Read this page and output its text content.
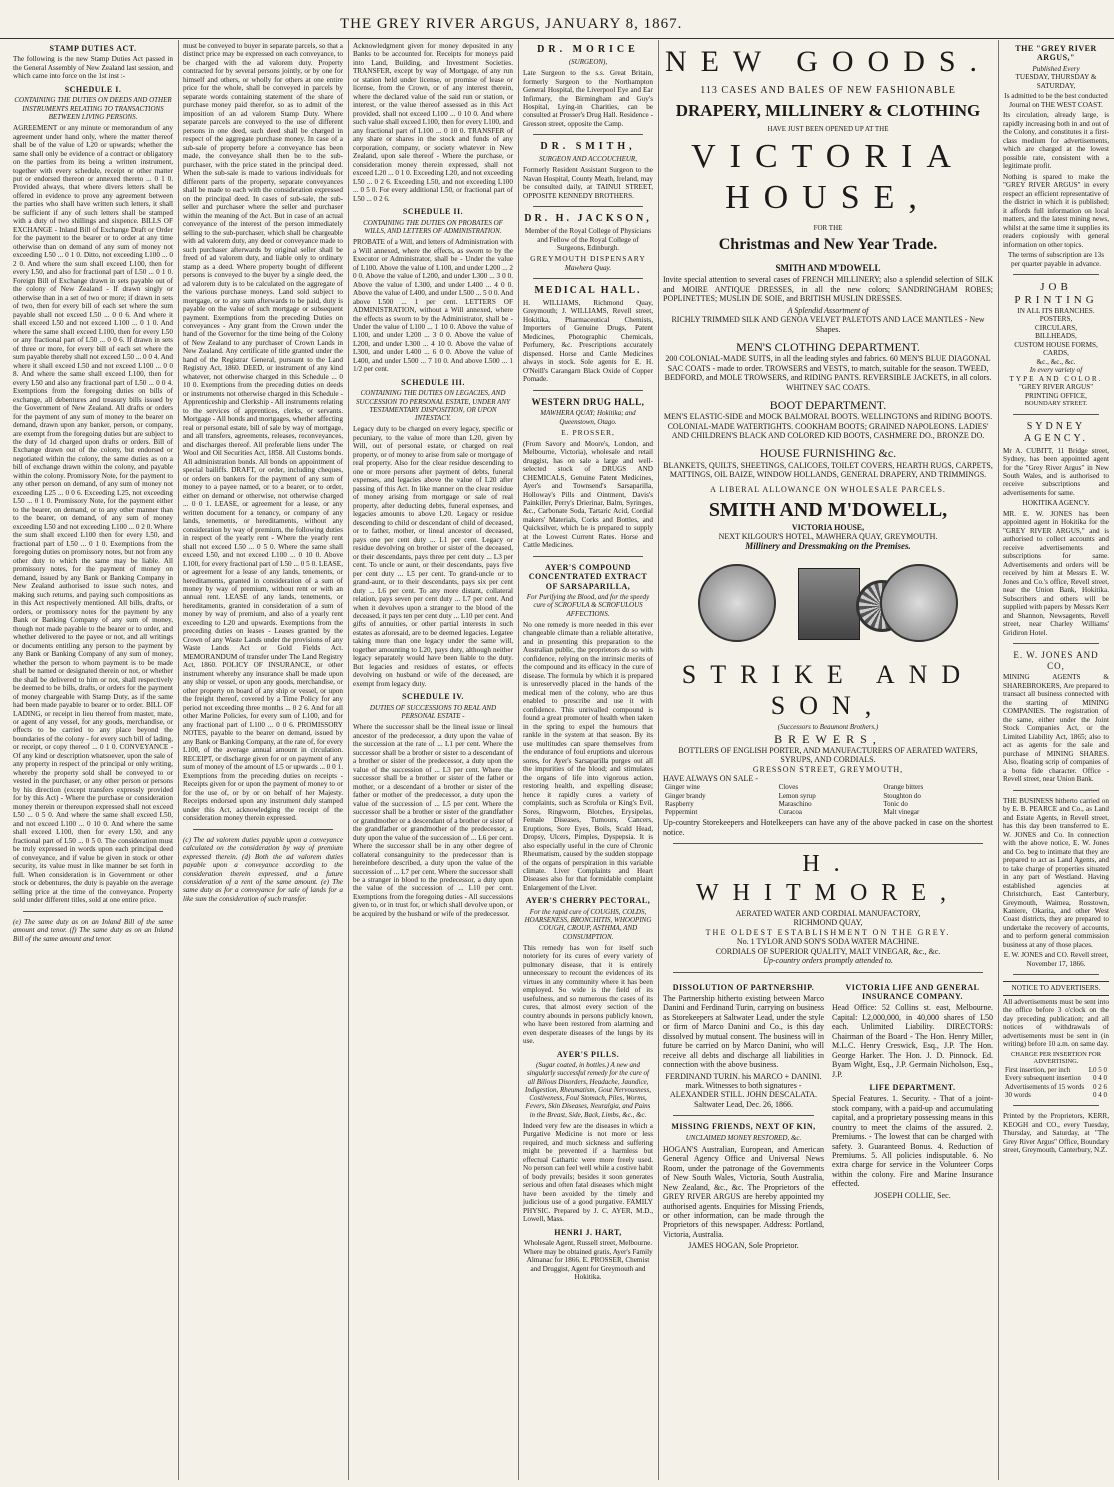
THE GREY RIVER ARGUS, JANUARY 8, 1867.
STAMP DUTIES ACT.
The following is the new Stamp Duties Act passed in the General Assembly of New Zealand last session, and which came into force on the 1st inst :-
SCHEDULE I.
CONTAINING THE DUTIES ON DEEDS AND OTHER INSTRUMENTS RELATING TO TRANSACTIONS BETWEEN LIVING PERSONS.
AGREEMENT or any minute or memorandum of any agreement under hand only, where the matter thereof shall be of the value of L20 or upwards; whether the same shall only be evidence of a contract or obligatory on the parties from its being a written instrument, together with every schedule, receipt or other matter put or endorsed thereon or annexed thereto ... 0 1 0. Provided always, that where divers letters shall be offered in evidence to prove any agreement between the parties who shall have written such letters, it shall be sufficient if any of such letters shall be stamped with a duty of two shillings and sixpence. BILLS OF EXCHANGE - Inland Bill of Exchange Draft or Order for the payment to the bearer or to order at any time otherwise than on demand of any sum of money not exceeding L50 ... 0 1 0. Ditto, not exceeding L100 ... 0 2 0. And where the sum shall exceed L100, then for every L50, and also for fractional part of L50 ... 0 1 0. Foreign Bill of Exchange drawn in sets payable out of the colony of New Zealand - If drawn singly or otherwise than in a set of two or more; if drawn in sets of two, then for every bill of each set where the sum payable shall not exceed L50 ... 0 0 6. And where it shall exceed L50 and not exceed L100 ... 0 1 0. And where the same shall exceed L100, then for every L50 or any fractional part of L50 ... 0 0 6. If drawn in sets of three or more, for every bill of each set where the sum payable thereby shall not exceed L50 ... 0 0 4. And where it shall exceed L50 and not exceed L100 ... 0 0 8. And where the same shall exceed L100, then for every L50 and also any fractional part of L50 ... 0 0 4. Exemptions from the foregoing duties on bills of exchange, all debentures and treasury bills issued by the Government of New Zealand. All drafts or orders for the payment of any sum of money to the bearer on demand, drawn upon any banker, person, or company, are exempt from the foregoing duties but are subject to the duty of 1d charged upon drafts or orders. Bill of Exchange drawn out of the colony, but endorsed or negotiated within the colony, the same duties as on a bill of exchange drawn within the colony, and payable within the colony. Promissory Note, for the payment to any other person on demand, of any sum of money not exceeding L25 ... 0 0 6. Exceeding L25, not exceeding L50 ... 0 1 0. Promissory Note, for the payment either to the bearer, on demand, or to any other manner than to the bearer, on demand, of any sum of money exceeding L50 and not exceeding L100 ... 0 2 0. Where the sum shall exceed L100 then for every L50, and fractional part of L50 ... 0 1 0. Exemptions from the foregoing duties on promissory notes, but not from any other duty to which the same may be liable. All promissory notes, for the payment of money on demand, issued by any Bank or Banking Company in New Zealand authorised to issue such notes, and making such returns, and paying such compositions as in this Act respectively mentioned. All bills, drafts, or orders, or promissory notes for the payment by any Bank or Banking Company of any sum of money, though not made payable to the bearer or to order, and whether delivered to the payee or not, and all writings or documents entitling any person to the payment by any Bank or Banking Company of any sum of money, whether the person to whom payment is to be made shall be named or designated therein or not, or whether the shall be delivered to him or not, shall respectively be deemed to be bills, drafts, or orders for the payment of money chargeable with Stamp Duty, as if the same had been made payable to bearer or to order. BILL OF LADING, or receipt in lieu thereof from master, mate, or agent of any vessel, for any goods, merchandise, or effects to be carried to any place beyond the boundaries of the colony - for every such bill of lading, or receipt, or copy thereof ... 0 1 0. CONVEYANCE - Of any kind or description whatsoever, upon the sale of any property in respect of the principal or only writing, whereby the property sold shall be conveyed to or vested in the purchaser, or any other person or persons by his direction (except transfers expressly provided for by this Act) - Where the purchase or consideration money therein or thereupon expressed shall not exceed L50 ... 0 5 0. And where the same shall exceed L50, and not exceed L100 ... 0 10 0. And where the same shall exceed L100, then for every L50, and any fractional part of L50 ... 0 5 0. The consideration must be truly expressed in words upon each principal deed of conveyance, and if value be given in stock or other security, its value must in like manner be set forth in full. When consideration is in Government or other stock or debentures, the duty is payable on the average selling price at the time of the conveyance. Property sold under different titles, sold at one entire price.
(e) The same duty as on an Inland Bill of the same amount and tenor. (f) The same duty as on an Inland Bill of the same amount and tenor.
must be conveyed to buyer in separate parcels, so that a distinct price may be expressed on each conveyance, to be charged with the ad valorem duty. Property contracted for by several persons jointly, or by one for himself and others, or wholly for others at one entire price for the whole, shall be conveyed in parcels by separate words containing statement of the share of purchase money paid therefor, so as to admit of the imposition of an ad valorem Stamp Duty. Where separate parcels are conveyed to the use of different persons in one deed, such deed shall be charged in respect of the aggregate purchase money. In case of a sub-sale of property before a conveyance has been made, the conveyance shall then be to the sub-purchaser, with the price stated in the principal deed. When the sub-sale is made to various individuals for different parts of the property, separate conveyances shall be made to each with the consideration expressed on the principal deed. In cases of sub-sale, the sub-seller and purchaser where the seller and purchaser within the meaning of the Act. But in case of an actual conveyance of the interest of the person immediately selling to the sub-purchaser, which shall be chargeable with ad valorem duty, any deed or conveyance made to such purchaser afterwards by original seller shall be freed of ad valorem duty, and liable only to ordinary stamp as a deed. Where property bought of different persons is conveyed to the buyer by a single deed, the ad valorem duty is to be calculated on the aggregate of the various purchase moneys. Land sold subject to mortgage, or to any sum afterwards to be paid, duty is payable on the value of such mortgage or subsequent payment. Exemptions from the preceding Duties on conveyances - Any grant from the Crown under the hand of the Governor for the time being of the Colony of New Zealand to any purchaser of Crown Lands in New Zealand. Any certificate of title granted under the hand of the Registrar General, pursuant to the Land Registry Act, 1860. DEED, or instrument of any kind whatever, not otherwise charged in this Schedule ... 0 10 0. Exemptions from the preceding duties on deeds or instruments not otherwise charged in this Schedule - Apprenticeship and Clerkship - All instruments relating to the services of apprentices, clerks, or servants. Mortgage - All bonds and mortgages, whether affecting real or personal estate, bill of sale by way of mortgage, and all transfers, agreements, releases, reconveyances, and discharges thereof. All preferable liens under The Wool and Oil Securities Act, 1858. All Customs bonds. All administration bonds. All bonds on appointment of special bailiffs. DRAFT, or order, including cheques, or orders on bankers for the payment of any sum of money to a payee named, or to a bearer, or to order, either on demand or otherwise, not otherwise charged ... 0 0 1. LEASE, or agreement for a lease, or any written document for a tenancy, or company of any lands, tenements, or hereditaments, without any consideration by way of premium, the following duties in respect of the yearly rent - Where the yearly rent shall not exceed L50 ... 0 5 0. Where the same shall exceed L50, and not exceed L100 ... 0 10 0. Above L100, for every fractional part of L50 ... 0 5 0. LEASE, or agreement for a lease of any lands, tenements, or hereditaments, granted in consideration of a sum of money by way of premium, without rent or with an annual rent. LEASE of any lands, tenements, or hereditaments, granted in consideration of a sum of money by way of premium, and also of a yearly rent exceeding to L20 and upwards. Exemptions from the preceding duties on leases - Leases granted by the Crown of any Waste Lands under the provisions of any Waste Lands Act or Gold Fields Act. MEMORANDUM of transfer under The Land Registry Act, 1860. POLICY OF INSURANCE, or other instrument whereby any insurance shall be made upon any ship or vessel, or upon any goods, merchandise, or other property on board of any ship or vessel, or upon the freight thereof, covered by a Time Policy for any period not exceeding three months ... 0 2 6. And for all other Marine Policies, for every sum of L100, and for any fractional part of L100 ... 0 0 6. PROMISSORY NOTES, payable to the bearer on demand, issued by any Bank or Banking Company, at the rate of, for every L100, of the average annual amount in circulation. RECEIPT, or discharge given for or on payment of any sum of money of the amount of L5 or upwards ... 0 0 1. Exemptions from the preceding duties on receipts - Receipts given for or upon the payment of money to or for the use of, or by or on behalf of her Majesty. Receipts endorsed upon any instrument duly stamped under this Act, acknowledging the receipt of the consideration money therein expressed.
(c) The ad valorem duties payable upon a conveyance calculated on the consideration by way of premium expressed therein. (d) Both the ad valorem duties payable upon a conveyance according to the consideration therein expressed, and a future consideration of a rent of the same amount. (e) The same duty as for a conveyance for sale of lands for a like sum the consideration of such transfer.
Acknowledgment given for money deposited in any Banks to be accounted for. Receipts for moneys paid into Land, Building, and Investment Societies. TRANSFER, except by way of Mortgage, of any run or station held under license, or promise of lease or license, from the Crown, or of any interest therein, where the declared value of the said run or station, or interest, or the value thereof assessed as in this Act provided, shall not exceed L100 ... 0 10 0. And where such value shall exceed L100, then for every L100, and any fractional part of L100 ... 0 10 0. TRANSFER of any share or shares in the stock and funds of any corporation, company, or society whatever in New Zealand, upon sale thereof - Where the purchase, or consideration money therein expressed, shall not exceed L20 ... 0 1 0. Exceeding L20, and not exceeding L50 ... 0 2 6. Exceeding L50, and not exceeding L100 ... 0 5 0. For every additional L50, or fractional part of L50 ... 0 2 6.
SCHEDULE II.
CONTAINING THE DUTIES ON PROBATES OF WILLS, AND LETTERS OF ADMINISTRATION.
PROBATE of a Will, and letters of Administration with a Will annexed, where the effects, as sworn to by the Executor or Administrator, shall be - Under the value of L100. Above the value of L100, and under L200 ... 2 0 0. Above the value of L200, and under L300 ... 3 0 0. Above the value of L300, and under L400 ... 4 0 0. Above the value of L400, and under L500 ... 5 0 0. And above L500 ... 1 per cent. LETTERS OF ADMINISTRATION, without a Will annexed, where the effects as sworn to by the Administrator, shall be - Under the value of L100 ... 1 10 0. Above the value of L100, and under L200 ... 3 0 0. Above the value of L200, and under L300 ... 4 10 0. Above the value of L300, and under L400 ... 6 0 0. Above the value of L400, and under L500 ... 7 10 0. And above L500 ... 1 1/2 per cent.
SCHEDULE III.
CONTAINING THE DUTIES ON LEGACIES, AND SUCCESSION TO PERSONAL ESTATE, UNDER ANY TESTAMENTARY DISPOSITION, OR UPON INTESTACY.
Legacy duty to be charged on every legacy, specific or pecuniary, to the value of more than L20, given by Will, out of personal estate, or charged on real property, or of money to arise from sale or mortgage of real property. Also for the clear residue descending to one or more persons after payment of debts, funeral expenses, and legacies above the value of L20 after passing of this Act. In like manner on the clear residue of money arising from mortgage or sale of real property, after deducting debts, funeral expenses, and legacies amounts to above L20. Legacy or residue descending to child or descendant of child of deceased, or to father, mother, or lineal ancestor of deceased, pays one per cent duty ... L1 per cent. Legacy or residue devolving on brother or sister of the deceased, or their descendants, pays three per cent duty ... L3 per cent. To uncle or aunt, or their descendants, pays five per cent duty ... L5 per cent. To grand-uncle or to grand-aunt, or to their descendants, pays six per cent duty ... L6 per cent. To any more distant, collateral relation, pays seven per cent duty ... L7 per cent. And when it devolves upon a stranger to the blood of the deceased, it pays ten per cent duty ... L10 per cent. And gifts of annuities, or other partial interests in such estates as aforesaid, are to be deemed legacies. Legatee taking more than one legacy under the same will, together amounting to L20, pays duty, although neither legacy separately would have been liable to the duty. But legacies and residues of estates, or effects devolving on husband or wife of the deceased, are exempt from legacy duty.
SCHEDULE IV.
DUTIES OF SUCCESSIONS TO REAL AND PERSONAL ESTATE -
Where the successor shall be the lineal issue or lineal ancestor of the predecessor, a duty upon the value of the succession at the rate of ... L1 per cent. Where the successor shall be a brother or sister to a descendant of a brother or sister of the predecessor, a duty upon the value of the succession of ... L3 per cent. Where the successor shall be a brother or sister of the father or mother, or a descendant of a brother or sister of the father or mother of the predecessor, a duty upon the value of the succession of ... L5 per cent. Where the successor shall be a brother or sister of the grandfather or grandmother or a descendant of a brother or sister of the grandfather or grandmother of the predecessor, a duty upon the value of the succession of ... L6 per cent. Where the successor shall be in any other degree of collateral consanguinity to the predecessor than is hereinbefore described, a duty upon the value of the succession of ... L7 per cent. Where the successor shall be a stranger in blood to the predecessor, a duty upon the value of the succession of ... L10 per cent. Exemptions from the foregoing duties - All successions given to, or in trust for, or which shall devolve upon, or be acquired by the husband or wife of the predecessor.
DR. MORICE
(SURGEON),
Late Surgeon to the s.s. Great Britain, formerly Surgeon to the Northampton General Hospital, the Liverpool Eye and Ear Infirmary, the Birmingham and Guy's Hospital, Lying-in Charities, can be consulted at Prosser's Drug Hall. Residence - Gresson street, opposite the Camp.
DR. SMITH,
SURGEON AND ACCOUCHEUR,
Formerly Resident Assistant Surgeon to the Navan Hospital, County Meath, Ireland, may be consulted daily, at TAINUI STREET, OPPOSITE KENNEDY BROTHERS.
DR. H. JACKSON,
Member of the Royal College of Physicians and Fellow of the Royal College of Surgeons, Edinburgh.
GREYMOUTH DISPENSARY
Mawhera Quay.
MEDICAL HALL.
H. WILLIAMS, Richmond Quay, Greymouth; J. WILLIAMS, Revell street, Hokitika, Pharmaceutical Chemists, Importers of Genuine Drugs, Patent Medicines, Photographic Chemicals, Perfumery, &c. Prescriptions accurately dispensed. Horse and Cattle Medicines always in stock. Sole agents for E. H. O'Neill's Carangarn Black Oxide of Copper Pomade.
WESTERN DRUG HALL,
MAWHERA QUAY; Hokitika; and Queenstown, Otago.
E. PROSSER,
(From Savory and Moore's, London, and Melbourne, Victoria), wholesale and retail druggist, has on sale a large and well-selected stock of DRUGS AND CHEMICALS, Genuine Patent Medicines, Ayer's and Townsend's Sarsaparilla, Holloway's Pills and Ointment, Davis's Painkiller, Perry's Drierinar, Balm, Syringes, &c., Carbonate Soda, Tartaric Acid, Cordial makers' Materials, Corks and Bottles, and Quicksilver, which he is prepared to supply at the Lowest Current Rates. Horse and Cattle Medicines.
AYER'S COMPOUND CONCENTRATED EXTRACT OF SARSAPARILLA,
For Purifying the Blood, and for the speedy cure of SCROFULA & SCROFULOUS AFFECTIONS.
No one remedy is more needed in this ever changeable climate than a reliable alterative, and in presenting this preparation to the Australian public, the proprietors do so with confidence, relying on the intrinsic merits of the compound and its efficacy in the cure of disease. The formula by which it is prepared is unreservedly placed in the hands of the medical men of the colony, who are thus enabled to prescribe and use it with confidence. This unrivalled compound is found a great promoter of health when taken in the spring to expel the humours that rankle in the system at that season. By its use multitudes can spare themselves from the endurance of foul eruptions and ulcerous sores, for Ayer's Sarsaparilla purges out all the impurities of the blood; and stimulates the organs of life into vigorous action, restoring health, and expelling disease; hence it rapidly cures a variety of complaints, such as Scrofula or King's Evil, Sores, Ringworm, Blotches, Erysipelas, Female Diseases, Tumours, Cancers, Eruptions, Sore Eyes, Boils, Scald Head, Dropsy, Ulcers, Pimples, Dyspepsia. It is also especially useful in the cure of Chronic Rheumatism, caused by the sudden stoppage of the organs of perspiration in this variable climate. Liver Complaints and Heart Diseases also for that formidable complaint Enlargement of the Liver.
AYER'S CHERRY PECTORAL,
For the rapid cure of COUGHS, COLDS, HOARSENESS, BRONCHITIS, WHOOPING COUGH, CROUP, ASTHMA, AND CONSUMPTION.
This remedy has won for itself such notoriety for its cures of every variety of pulmonary disease, that it is entirely unnecessary to recount the evidences of its virtues in any community where it has been employed. So wide is the field of its usefulness, and so numerous the cases of its cures, that almost every section of the country abounds in persons publicly known, who have been restored from alarming and even desperate diseases of the lungs by its use.
AYER'S PILLS.
(Sugar coated, in bottles.) A new and singularly successful remedy for the cure of all Bilious Disorders, Headache, Jaundice, Indigestion, Rheumatism, Gout Nervousness, Costiveness, Foul Stomach, Piles, Worms, Fevers, Skin Diseases, Neuralgia, and Pains in the Breast, Side, Back, Limbs, &c., &c.
Indeed very few are the diseases in which a Purgative Medicine is not more or less required, and much sickness and suffering might be prevented if a harmless but effectual Cathartic were more freely used. No person can feel well while a costive habit of body prevails; besides it soon generates serious and often fatal diseases which might have been avoided by the timely and judicious use of a good purgative. FAMILY PHYSIC. Prepared by J. C. AYER, M.D., Lowell, Mass.
HENRI J. HART,
Wholesale Agent, Russell street, Melbourne. Where may be obtained gratis, Ayer's Family Almanac for 1866. E. PROSSER, Chemist and Druggist, Agent for Greymouth and Hokitika.
NEW GOODS.
113 CASES AND BALES OF NEW FASHIONABLE
DRAPERY, MILLINERY & CLOTHING
HAVE JUST BEEN OPENED UP AT THE
VICTORIA HOUSE,
FOR THE
Christmas and New Year Trade.
SMITH AND M'DOWELL
Invite special attention to several cases of FRENCH MILLINERY; also a splendid selection of SILK and MOIRE ANTIQUE DRESSES, in all the new colors; SANDRINGHAM ROBES; POPLINETTES; MUSLIN DE SOIE, and BRITISH MUSLIN DRESSES.
A Splendid Assortment of
RICHLY TRIMMED SILK AND GENOA VELVET PALETOTS AND LACE MANTLES - New Shapes.
MEN'S CLOTHING DEPARTMENT.
200 COLONIAL-MADE SUITS, in all the leading styles and fabrics. 60 MEN'S BLUE DIAGONAL SAC COATS - made to order. TROWSERS and VESTS, to match, suitable for the season. TWEED, BEDFORD, and MOLE TROWSERS, and RIDING PANTS. REVERSIBLE JACKETS, in all colors. WHITNEY SAC COATS.
BOOT DEPARTMENT.
MEN'S ELASTIC-SIDE and MOCK BALMORAL BOOTS. WELLINGTONS and RIDING BOOTS. COLONIAL-MADE WATERTIGHTS. COOKHAM BOOTS; GRAINED NAPOLEONS. LADIES' AND CHILDREN'S BLACK AND COLORED KID BOOTS, CASHMERE DO., BRONZE DO.
HOUSE FURNISHING &c.
BLANKETS, QUILTS, SHEETINGS, CALICOES, TOILET COVERS, HEARTH RUGS, CARPETS, MATTINGS, OIL BAIZE, WINDOW HOLLANDS, GENERAL DRAPERY, AND TRIMMINGS.
A LIBERAL ALLOWANCE ON WHOLESALE PARCELS.
SMITH AND M'DOWELL,
VICTORIA HOUSE,
NEXT KILGOUR'S HOTEL, MAWHERA QUAY, GREYMOUTH.
Millinery and Dressmaking on the Premises.
STRIKE AND SON,
(Successors to Beaumont Brothers.)
BREWERS,
BOTTLERS OF ENGLISH PORTER, AND MANUFACTURERS OF AERATED WATERS, SYRUPS, AND CORDIALS.
GRESSON STREET, GREYMOUTH,
HAVE ALWAYS ON SALE -
Ginger wine	Cloves	Orange bitters
Ginger brandy	Lemon syrup	Stoughton do
Raspberry	Maraschino	Tonic do
Peppermint	Curacoa	Malt vinegar
Up-country Storekeepers and Hotelkeepers can have any of the above packed in case on the shortest notice.
H. WHITMORE,
AERATED WATER AND CORDIAL MANUFACTORY,
RICHMOND QUAY,
THE OLDEST ESTABLISHMENT ON THE GREY.
No. 1 TYLOR AND SON'S SODA WATER MACHINE.
CORDIALS OF SUPERIOR QUALITY, MALT VINEGAR, &c., &c.
Up-country orders promptly attended to.
DISSOLUTION OF PARTNERSHIP.
The Partnership hitherto existing between Marco Danini and Ferdinand Turin, carrying on business as Storekeepers at Saltwater Lead, under the style or firm of Marco Danini and Co., is this day dissolved by mutual consent. The business will in future be carried on by Marco Danini, who will receive all debts and discharge all liabilities in connection with the above business.
FERDINAND TURIN. his MARCO + DANINI. mark. Witnesses to both signatures - ALEXANDER STILL. JOHN DESCALATA. Saltwater Lead, Dec. 26, 1866.
MISSING FRIENDS, NEXT OF KIN,
UNCLAIMED MONEY RESTORED, &c.
HOGAN'S Australian, European, and American General Agency Office and Universal News Room, under the patronage of the Governments of New South Wales, Victoria, South Australia, New Zealand, &c., &c. The Proprietors of the GREY RIVER ARGUS are hereby appointed my authorised agents. Enquiries for Missing Friends, or other information, can be made through the Proprietors of this newspaper. Address: Portland, Victoria, Australia.
JAMES HOGAN, Sole Proprietor.
VICTORIA LIFE AND GENERAL INSURANCE COMPANY.
Head Office: 52 Collins st. east, Melbourne. Capital: L2,000,000, in 40,000 shares of L50 each. Unlimited Liability. DIRECTORS: Chairman of the Board - The Hon. Henry Miller, M.L.C. Henry Creswick, Esq., J.P. The Hon. George Harker. The Hon. J. D. Pinnock. Ed. Byam Wight, Esq., J.P. Germain Nicholson, Esq., J.P.
LIFE DEPARTMENT.
Special Features. 1. Security. - That of a joint-stock company, with a paid-up and accumulating capital, and a proprietary possessing means in this country to meet the claims of the assured. 2. Premiums. - The lowest that can be charged with safety. 3. Guaranteed Bonus. 4. Reduction of Premiums. 5. All policies indisputable. 6. No extra charge for service in the Volunteer Corps within the colony. Fire and Marine Insurance effected.
JOSEPH COLLIE, Sec.
THE "GREY RIVER ARGUS,"
Published Every
TUESDAY, THURSDAY & SATURDAY,
Is admitted to be the best conducted Journal on THE WEST COAST.
Its circulation, already large, is rapidly increasing both in and out of the Colony, and constitutes it a first-class medium for advertisements, which are charged at the lowest possible rate, consistent with a legitimate profit.
Nothing is spared to make the "GREY RIVER ARGUS" in every respect an efficient representative of the district in which it is published; it affords full information on local matters, and the latest mining news, whilst at the same time it supplies its readers copiously with general information on other topics.
The terms of subscription are 13s per quarter payable in advance.
JOB PRINTING
IN ALL ITS BRANCHES.
POSTERS,
CIRCULARS,
BILLHEADS,
CUSTOM HOUSE FORMS,
CARDS,
&c., &c., &c.
In every variety of
TYPE AND COLOR.
"GREY RIVER ARGUS" PRINTING OFFICE,
BOUNDARY STREET.
SYDNEY AGENCY.
Mr A. CUBITT, 11 Bridge street, Sydney, has been appointed agent for the "Grey River Argus" in New South Wales, and is authorised to receive subscriptions and advertisements for same.
HOKITIKA AGENCY.
MR. E. W. JONES has been appointed agent in Hokitika for the "GREY RIVER ARGUS," and is authorised to collect accounts and receive advertisements and subscriptions for same. Advertisements and orders will be received by him at Messrs E. W. Jones and Co.'s office, Revell street, near the Union Bank, Hokitika. Subscribers and others will be supplied with papers by Messrs Kerr and Shannon, Newsagents, Revell street, near Charley Williams' Gridiron Hotel.
E. W. JONES AND CO,
MINING AGENTS & SHAREBROKERS, Are prepared to transact all business connected with the starting of MINING COMPANIES. The registration of the same, either under the Joint Stock Companies Act, or the Limited Liability Act, 1865; also to act as agents for the sale and purchase of MINING SHARES. Also, floating scrip of companies of a bona fide character. Office - Revell street, near Union Bank.
THE BUSINESS hitherto carried on by E. B. PEARCE and Co., as Land and Estate Agents, in Revell street, has this day been transferred to E. W. JONES and Co. In connection with the above notice, E. W. Jones and Co. beg to intimate that they are prepared to act as Land Agents, and to take charge of properties situated in any part of Westland. Having established agencies at Christchurch, East Canterbury, Greymouth, Waimea, Rosstown, Kaniere, Okarita, and other West Coast districts, they are prepared to undertake the recovery of accounts, and to perform general commission business at any of those places.
E. W. JONES and CO. Revell street, November 17, 1866.
NOTICE TO ADVERTISERS.
All advertisements must be sent into the office before 3 o'clock on the day preceding publication; and all notices of withdrawals of advertisements must be sent in (in writing) before 10 a.m. on same day.
CHARGE PER INSERTION FOR ADVERTISING.
First insertion, per inch	L0 5 0
Every subsequent insertion	0 4 0
Advertisements of 15 words	0 2 6
30 words	0 4 0
Printed by the Proprietors, KERR, KEOGH and CO., every Tuesday, Thursday, and Saturday, at "The Grey River Argus" Office, Boundary street, Greymouth, Canterbury, N.Z.
